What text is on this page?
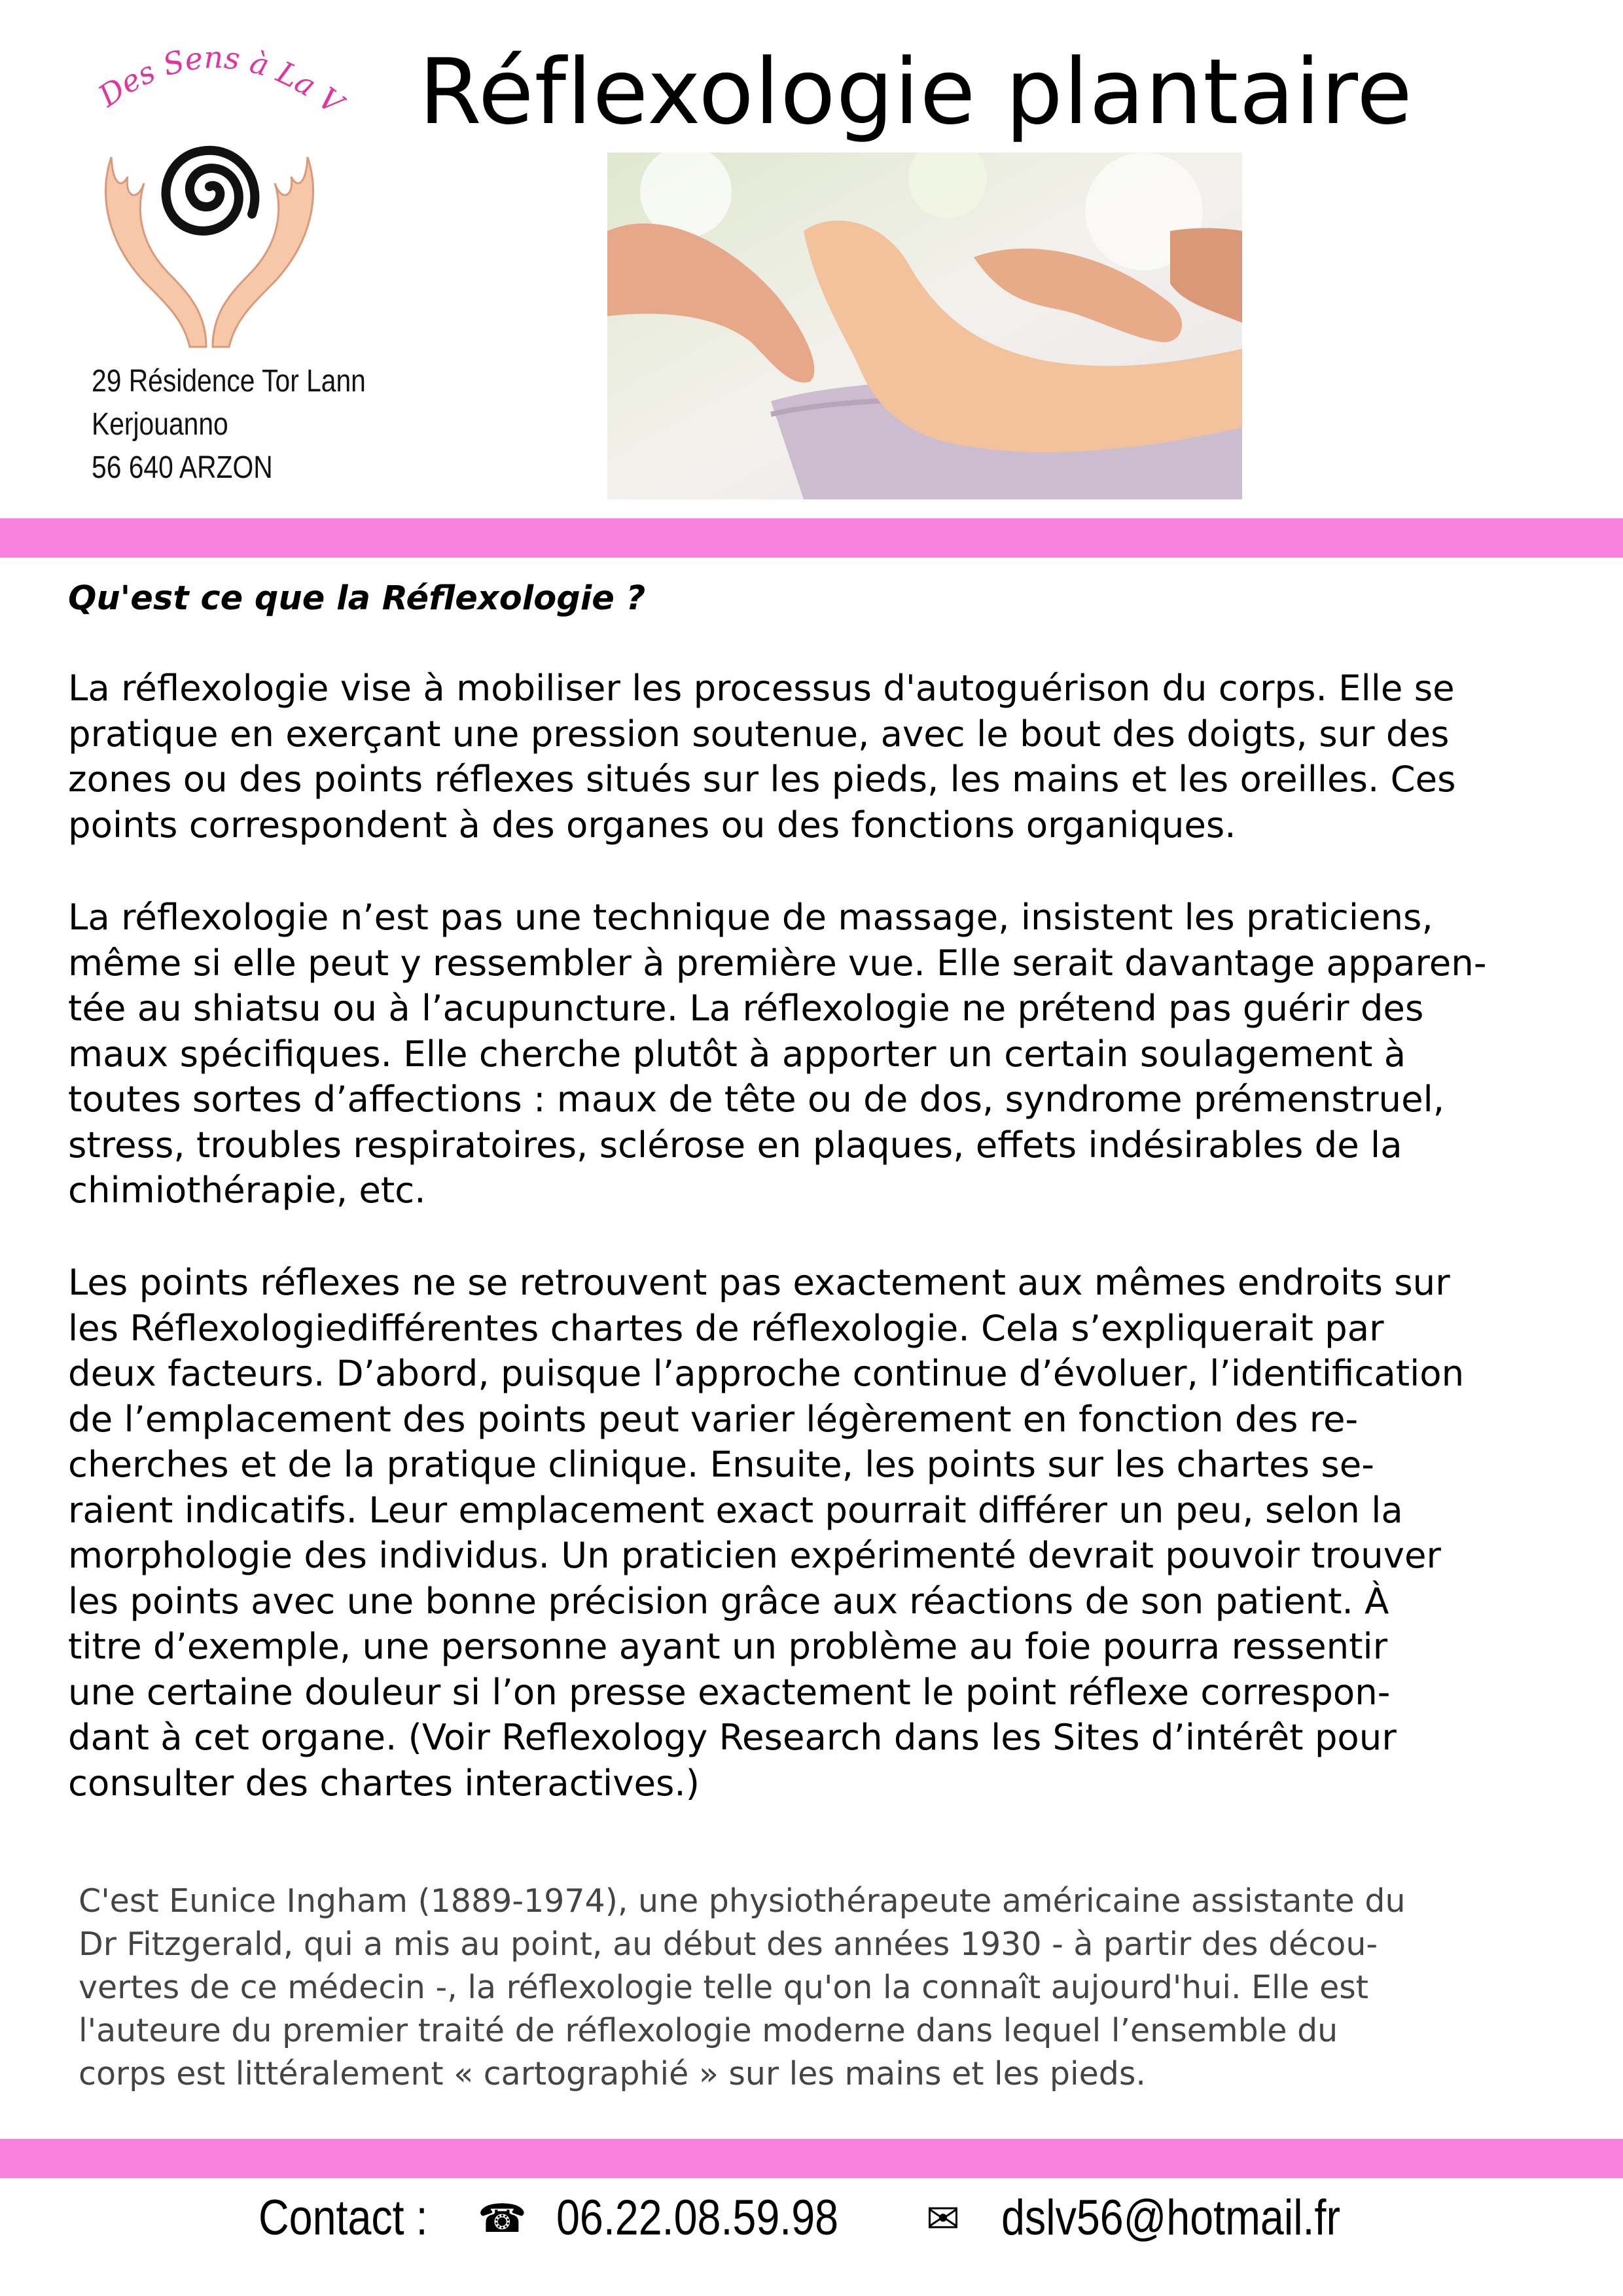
Des Sens à La V
29 Résidence Tor Lann
Kerjouanno
56 640 ARZON
Réflexologie plantaire
Qu'est ce que la Réflexologie ?
La réflexologie vise à mobiliser les processus d'autoguérison du corps. Elle se
pratique en exerçant une pression soutenue, avec le bout des doigts, sur des
zones ou des points réflexes situés sur les pieds, les mains et les oreilles. Ces
points correspondent à des organes ou des fonctions organiques.
La réflexologie n’est pas une technique de massage, insistent les praticiens,
même si elle peut y ressembler à première vue. Elle serait davantage apparen-
tée au shiatsu ou à l’acupuncture. La réflexologie ne prétend pas guérir des
maux spécifiques. Elle cherche plutôt à apporter un certain soulagement à
toutes sortes d’affections : maux de tête ou de dos, syndrome prémenstruel,
stress, troubles respiratoires, sclérose en plaques, effets indésirables de la
chimiothérapie, etc.
Les points réflexes ne se retrouvent pas exactement aux mêmes endroits sur
les Réflexologiedifférentes chartes de réflexologie. Cela s’expliquerait par
deux facteurs. D’abord, puisque l’approche continue d’évoluer, l’identification
de l’emplacement des points peut varier légèrement en fonction des re-
cherches et de la pratique clinique. Ensuite, les points sur les chartes se-
raient indicatifs. Leur emplacement exact pourrait différer un peu, selon la
morphologie des individus. Un praticien expérimenté devrait pouvoir trouver
les points avec une bonne précision grâce aux réactions de son patient. À
titre d’exemple, une personne ayant un problème au foie pourra ressentir
une certaine douleur si l’on presse exactement le point réflexe correspon-
dant à cet organe. (Voir Reflexology Research dans les Sites d’intérêt pour
consulter des chartes interactives.)
C'est Eunice Ingham (1889-1974), une physiothérapeute américaine assistante du
Dr Fitzgerald, qui a mis au point, au début des années 1930 - à partir des décou-
vertes de ce médecin -, la réflexologie telle qu'on la connaît aujourd'hui. Elle est
l'auteure du premier traité de réflexologie moderne dans lequel l’ensemble du
corps est littéralement « cartographié » sur les mains et les pieds.
Contact : ☎ 06.22.08.59.98 ✉ dslv56@hotmail.fr
